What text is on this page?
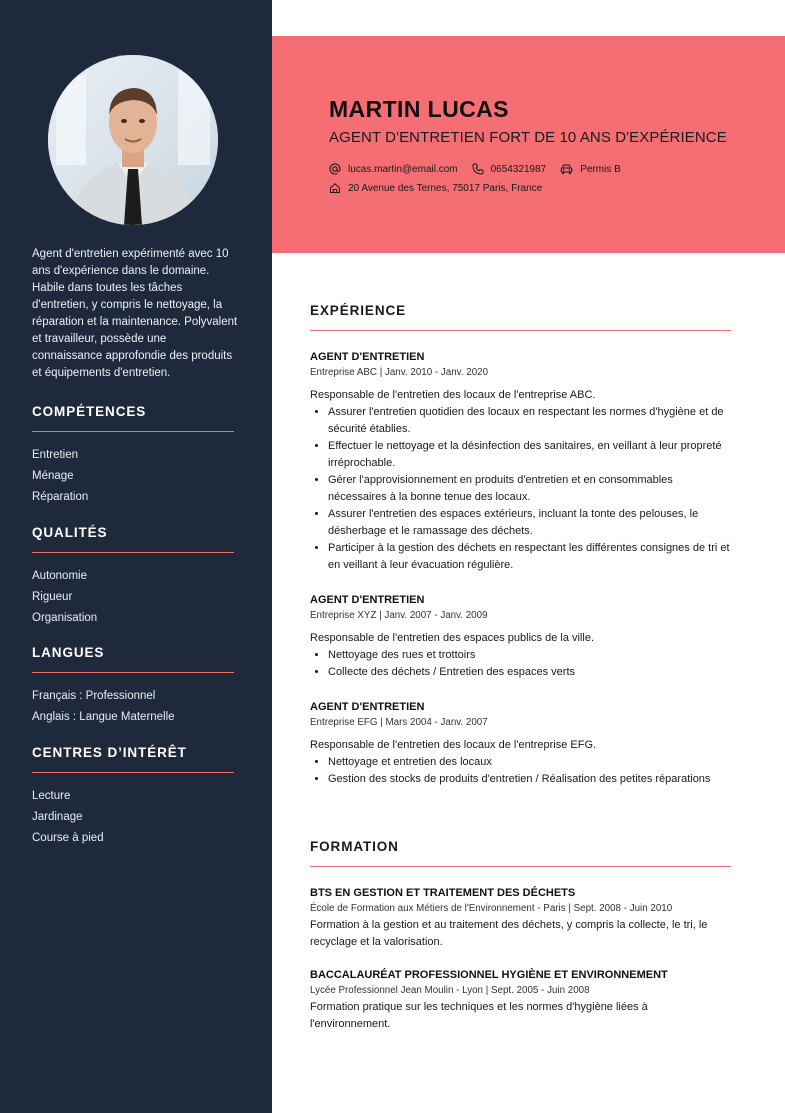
Agent d'entretien expérimenté avec 10 ans d'expérience dans le domaine. Habile dans toutes les tâches d'entretien, y compris le nettoyage, la réparation et la maintenance. Polyvalent et travailleur, possède une connaissance approfondie des produits et équipements d'entretien.

COMPÉTENCES
Entretien
Ménage
Réparation
QUALITÉS
Autonomie
Rigueur
Organisation
LANGUES
Français : Professionnel
Anglais : Langue Maternelle
CENTRES D’INTÉRÊT
Lecture
Jardinage
Course à pied
MARTIN LUCAS
AGENT D'ENTRETIEN FORT DE 10 ANS D'EXPÉRIENCE
lucas.martin@email.com	0654321987	Permis B
20 Avenue des Ternes, 75017 Paris, France
EXPÉRIENCE
AGENT D'ENTRETIEN
Entreprise ABC | Janv. 2010 - Janv. 2020
Responsable de l'entretien des locaux de l'entreprise ABC.
• Assurer l'entretien quotidien des locaux en respectant les normes d'hygiène et de sécurité établies.
• Effectuer le nettoyage et la désinfection des sanitaires, en veillant à leur propreté irréprochable.
• Gérer l'approvisionnement en produits d'entretien et en consommables nécessaires à la bonne tenue des locaux.
• Assurer l'entretien des espaces extérieurs, incluant la tonte des pelouses, le désherbage et le ramassage des déchets.
• Participer à la gestion des déchets en respectant les différentes consignes de tri et en veillant à leur évacuation régulière.
AGENT D'ENTRETIEN
Entreprise XYZ | Janv. 2007 - Janv. 2009
Responsable de l'entretien des espaces publics de la ville.
• Nettoyage des rues et trottoirs
• Collecte des déchets / Entretien des espaces verts
AGENT D'ENTRETIEN
Entreprise EFG | Mars 2004 - Janv. 2007
Responsable de l'entretien des locaux de l'entreprise EFG.
• Nettoyage et entretien des locaux
• Gestion des stocks de produits d'entretien / Réalisation des petites réparations
FORMATION
BTS EN GESTION ET TRAITEMENT DES DÉCHETS
École de Formation aux Métiers de l'Environnement - Paris | Sept. 2008 - Juin 2010
Formation à la gestion et au traitement des déchets, y compris la collecte, le tri, le recyclage et la valorisation.
BACCALAURÉAT PROFESSIONNEL HYGIÈNE ET ENVIRONNEMENT
Lycée Professionnel Jean Moulin - Lyon | Sept. 2005 - Juin 2008
Formation pratique sur les techniques et les normes d'hygiène liées à l'environnement.
